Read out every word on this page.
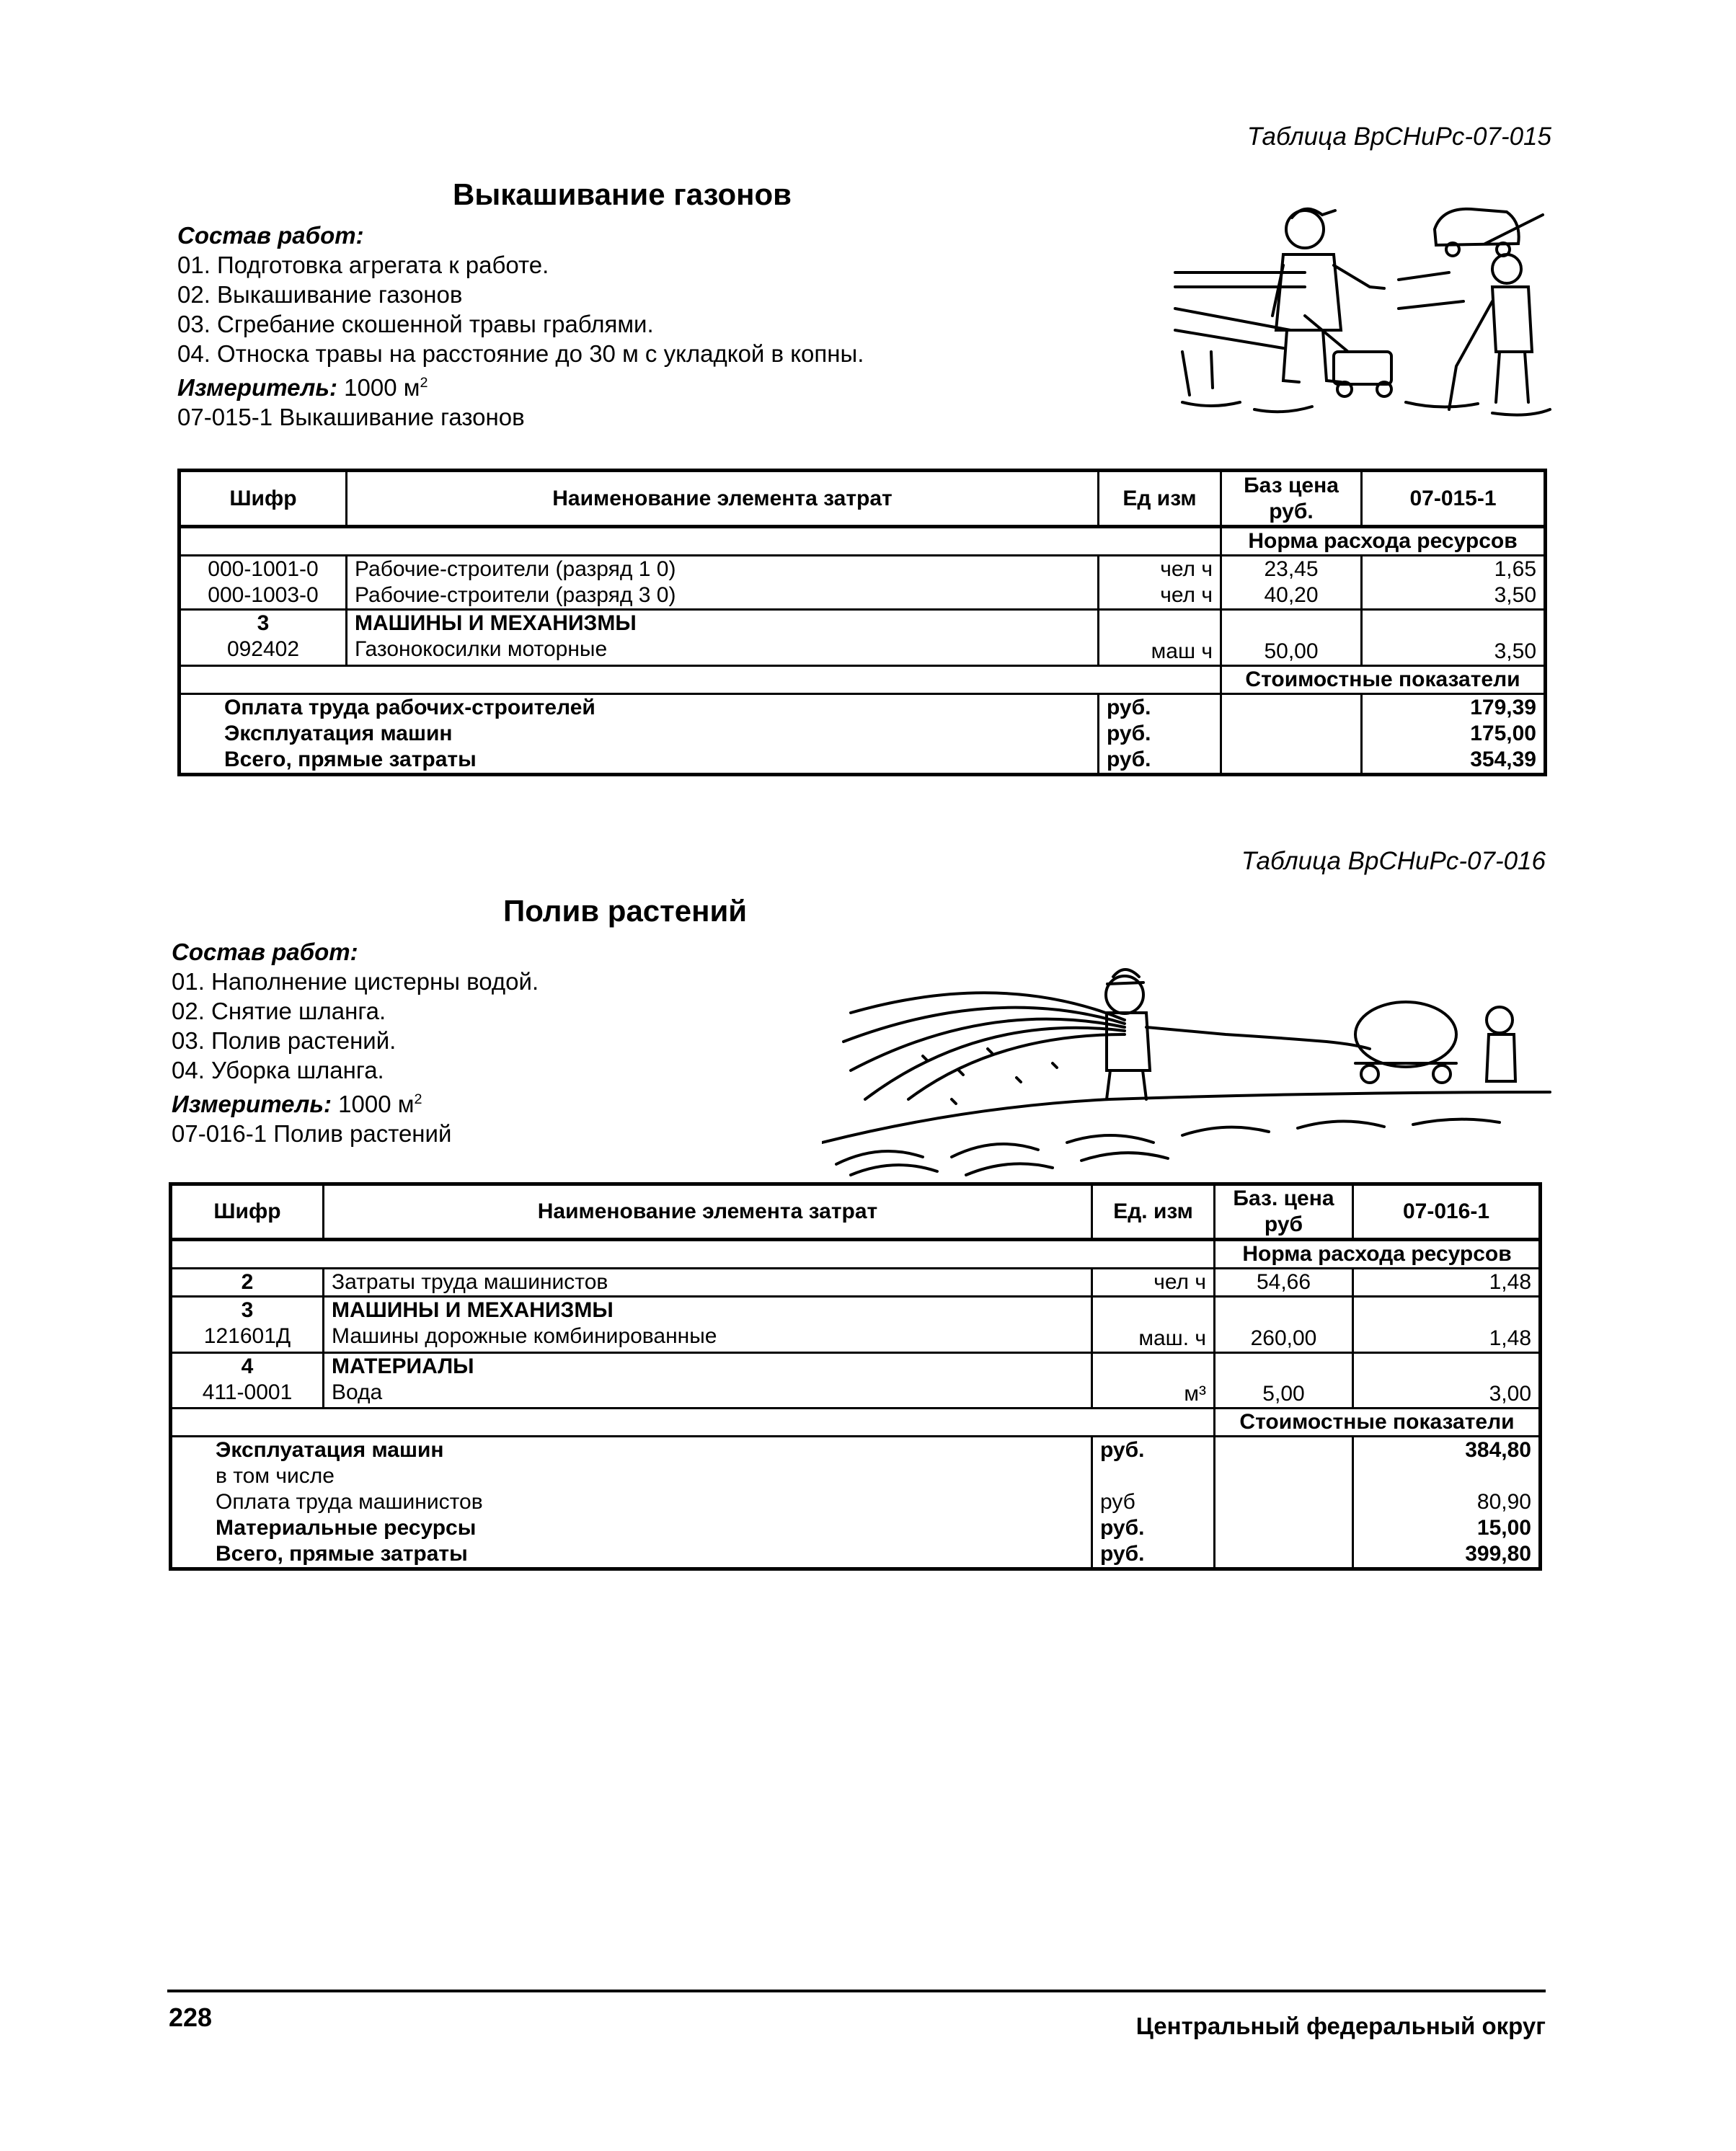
Таблица ВрСНиРс-07-015
Выкашивание газонов
Состав работ:
01. Подготовка агрегата к работе.
02. Выкашивание газонов
03. Сгребание скошенной травы граблями.
04. Относка травы на расстояние до 30 м с укладкой в копны.
Измеритель: 1000 $м^2$
07-015-1 Выкашивание газонов
Шифр	Наименование элемента затрат	Ед изм	Баз цена руб.	07-015-1
			Норма расхода ресурсов	
000-1001-0	Рабочие-строители (разряд 1 0)	чел ч	23,45	1,65
000-1003-0	Рабочие-строители (разряд 3 0)	чел ч	40,20	3,50
3	МАШИНЫ И МЕХАНИЗМЫ			
092402	Газонокосилки моторные	маш ч	50,00	3,50
			Стоимостные показатели	
Оплата труда рабочих-строителей		руб.		179,39
Эксплуатация машин		руб.		175,00
Всего, прямые затраты		руб.		354,39
Таблица ВрСНиРс-07-016
Полив растений
Состав работ:
01. Наполнение цистерны водой.
02. Снятие шланга.
03. Полив растений.
04. Уборка шланга.
Измеритель: 1000 $м^2$
07-016-1 Полив растений
Шифр	Наименование элемента затрат	Ед. изм	Баз. цена руб	07-016-1
			Норма расхода ресурсов	
2	Затраты труда машинистов	чел ч	54,66	1,48
3	МАШИНЫ И МЕХАНИЗМЫ			
121601Д	Машины дорожные комбинированные	маш. ч	260,00	1,48
4	МАТЕРИАЛЫ			
411-0001	Вода	м³	5,00	3,00
			Стоимостные показатели	
Эксплуатация машин		руб.		384,80
в том числе				
Оплата труда машинистов		руб		80,90
Материальные ресурсы		руб.		15,00
Всего, прямые затраты		руб.		399,80
228	Центральный федеральный округ
